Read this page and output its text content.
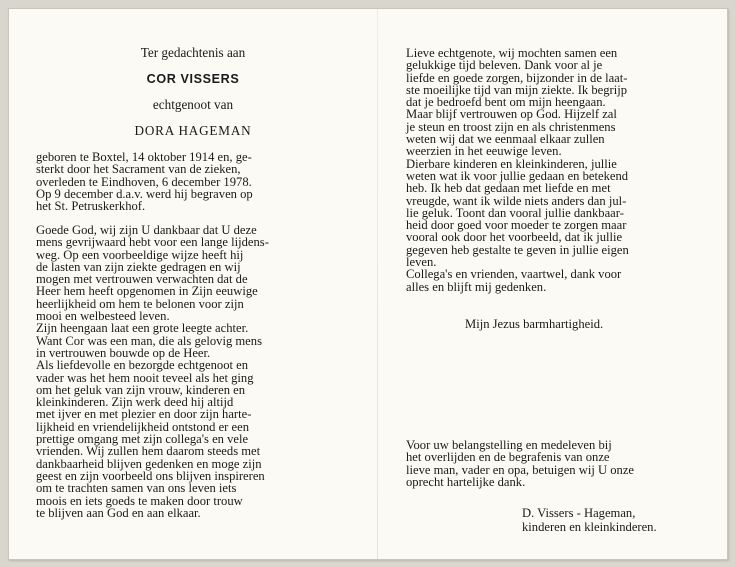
Ter gedachtenis aan
COR VISSERS
echtgenoot van
DORA HAGEMAN
geboren te Boxtel, 14 oktober 1914 en, ge-
sterkt door het Sacrament van de zieken,
overleden te Eindhoven, 6 december 1978.
Op 9 december d.a.v. werd hij begraven op
het St. Petruskerkhof.
Goede God, wij zijn U dankbaar dat U deze
mens gevrijwaard hebt voor een lange lijdens-
weg. Op een voorbeeldige wijze heeft hij
de lasten van zijn ziekte gedragen en wij
mogen met vertrouwen verwachten dat de
Heer hem heeft opgenomen in Zijn eeuwige
heerlijkheid om hem te belonen voor zijn
mooi en welbesteed leven.
Zijn heengaan laat een grote leegte achter.
Want Cor was een man, die als gelovig mens
in vertrouwen bouwde op de Heer.
Als liefdevolle en bezorgde echtgenoot en
vader was het hem nooit teveel als het ging
om het geluk van zijn vrouw, kinderen en
kleinkinderen. Zijn werk deed hij altijd
met ijver en met plezier en door zijn harte-
lijkheid en vriendelijkheid ontstond er een
prettige omgang met zijn collega's en vele
vrienden. Wij zullen hem daarom steeds met
dankbaarheid blijven gedenken en moge zijn
geest en zijn voorbeeld ons blijven inspireren
om te trachten samen van ons leven iets
moois en iets goeds te maken door trouw
te blijven aan God en aan elkaar.
Lieve echtgenote, wij mochten samen een
gelukkige tijd beleven. Dank voor al je
liefde en goede zorgen, bijzonder in de laat-
ste moeilijke tijd van mijn ziekte. Ik begrijp
dat je bedroefd bent om mijn heengaan.
Maar blijf vertrouwen op God. Hijzelf zal
je steun en troost zijn en als christenmens
weten wij dat we eenmaal elkaar zullen
weerzien in het eeuwige leven.
Dierbare kinderen en kleinkinderen, jullie
weten wat ik voor jullie gedaan en betekend
heb. Ik heb dat gedaan met liefde en met
vreugde, want ik wilde niets anders dan jul-
lie geluk. Toont dan vooral jullie dankbaar-
heid door goed voor moeder te zorgen maar
vooral ook door het voorbeeld, dat ik jullie
gegeven heb gestalte te geven in jullie eigen
leven.
Collega's en vrienden, vaartwel, dank voor
alles en blijft mij gedenken.
Mijn Jezus barmhartigheid.
Voor uw belangstelling en medeleven bij
het overlijden en de begrafenis van onze
lieve man, vader en opa, betuigen wij U onze
oprecht hartelijke dank.
D. Vissers - Hageman,
kinderen en kleinkinderen.
